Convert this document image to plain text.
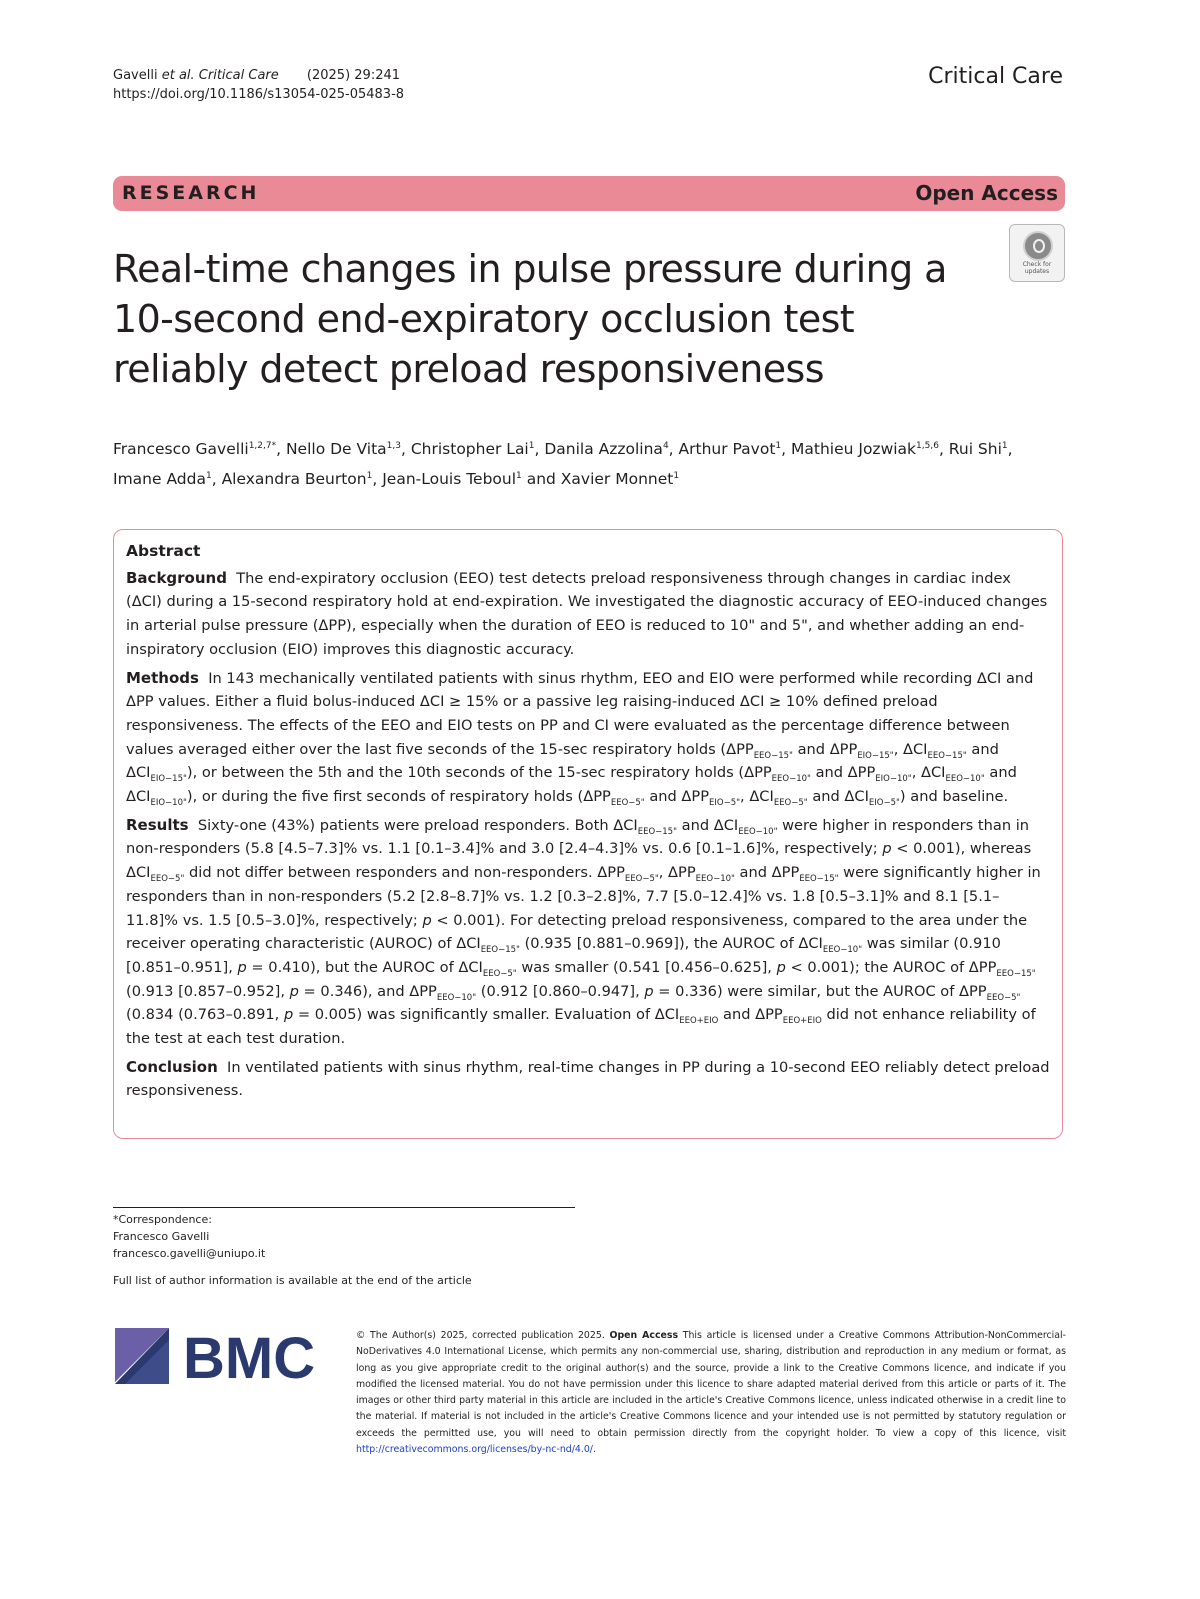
Gavelli et al. Critical Care (2025) 29:241
https://doi.org/10.1186/s13054-025-05483-8
Critical Care
RESEARCH	Open Access
Real-time changes in pulse pressure during a 10-second end-expiratory occlusion test reliably detect preload responsiveness
Check for updates
Francesco Gavelli$^{1,2,7*}$, Nello De Vita$^{1,3}$, Christopher Lai$^1$, Danila Azzolina$^4$, Arthur Pavot$^1$, Mathieu Jozwiak$^{1,5,6}$, Rui Shi$^1$, Imane Adda$^1$, Alexandra Beurton$^1$, Jean-Louis Teboul$^1$ and Xavier Monnet$^1$
Abstract

Background The end-expiratory occlusion (EEO) test detects preload responsiveness through changes in cardiac index (ΔCI) during a 15-second respiratory hold at end-expiration. We investigated the diagnostic accuracy of EEO-induced changes in arterial pulse pressure (ΔPP), especially when the duration of EEO is reduced to 10" and 5", and whether adding an end-inspiratory occlusion (EIO) improves this diagnostic accuracy.

Methods In 143 mechanically ventilated patients with sinus rhythm, EEO and EIO were performed while recording ΔCI and ΔPP values. Either a fluid bolus-induced ΔCI ≥ 15% or a passive leg raising-induced ΔCI ≥ 10% defined preload responsiveness. The effects of the EEO and EIO tests on PP and CI were evaluated as the percentage difference between values averaged either over the last five seconds of the 15-sec respiratory holds ($\Delta PP_{EEO-15"}$ and $\Delta PP_{EIO-15"}$, $\Delta CI_{EEO-15"}$ and $\Delta CI_{EIO-15"}$), or between the 5th and the 10th seconds of the 15-sec respiratory holds ($\Delta PP_{EEO-10"}$ and $\Delta PP_{EIO-10"}$, $\Delta CI_{EEO-10"}$ and $\Delta CI_{EIO-10"}$), or during the five first seconds of respiratory holds ($\Delta PP_{EEO-5"}$ and $\Delta PP_{EIO-5"}$, $\Delta CI_{EEO-5"}$ and $\Delta CI_{EIO-5"}$) and baseline.

Results Sixty-one (43%) patients were preload responders. Both $\Delta CI_{EEO-15"}$ and $\Delta CI_{EEO-10"}$ were higher in responders than in non-responders (5.8 [4.5–7.3]% vs. 1.1 [0.1–3.4]% and 3.0 [2.4–4.3]% vs. 0.6 [0.1–1.6]%, respectively; p < 0.001), whereas $\Delta CI_{EEO-5"}$ did not differ between responders and non-responders. $\Delta PP_{EEO-5"}$, $\Delta PP_{EEO-10"}$ and $\Delta PP_{EEO-15"}$ were significantly higher in responders than in non-responders (5.2 [2.8–8.7]% vs. 1.2 [0.3–2.8]%, 7.7 [5.0–12.4]% vs. 1.8 [0.5–3.1]% and 8.1 [5.1–11.8]% vs. 1.5 [0.5–3.0]%, respectively; p < 0.001). For detecting preload responsiveness, compared to the area under the receiver operating characteristic (AUROC) of $\Delta CI_{EEO-15"}$ (0.935 [0.881–0.969]), the AUROC of $\Delta CI_{EEO-10"}$ was similar (0.910 [0.851–0.951], p = 0.410), but the AUROC of $\Delta CI_{EEO-5"}$ was smaller (0.541 [0.456–0.625], p < 0.001); the AUROC of $\Delta PP_{EEO-15"}$ (0.913 [0.857–0.952], p = 0.346), and $\Delta PP_{EEO-10"}$ (0.912 [0.860–0.947], p = 0.336) were similar, but the AUROC of $\Delta PP_{EEO-5"}$ (0.834 (0.763–0.891, p = 0.005) was significantly smaller. Evaluation of $\Delta CI_{EEO+EIO}$ and $\Delta PP_{EEO+EIO}$ did not enhance reliability of the test at each test duration.

Conclusion In ventilated patients with sinus rhythm, real-time changes in PP during a 10-second EEO reliably detect preload responsiveness.

*Correspondence:
Francesco Gavelli
francesco.gavelli@uniupo.it
Full list of author information is available at the end of the article
BMC	© The Author(s) 2025, corrected publication 2025. Open Access This article is licensed under a Creative Commons Attribution-NonCommercial-NoDerivatives 4.0 International License, which permits any non-commercial use, sharing, distribution and reproduction in any medium or format, as long as you give appropriate credit to the original author(s) and the source, provide a link to the Creative Commons licence, and indicate if you modified the licensed material. You do not have permission under this licence to share adapted material derived from this article or parts of it. The images or other third party material in this article are included in the article's Creative Commons licence, unless indicated otherwise in a credit line to the material. If material is not included in the article's Creative Commons licence and your intended use is not permitted by statutory regulation or exceeds the permitted use, you will need to obtain permission directly from the copyright holder. To view a copy of this licence, visit http://creativecommons.org/licenses/by-nc-nd/4.0/.
